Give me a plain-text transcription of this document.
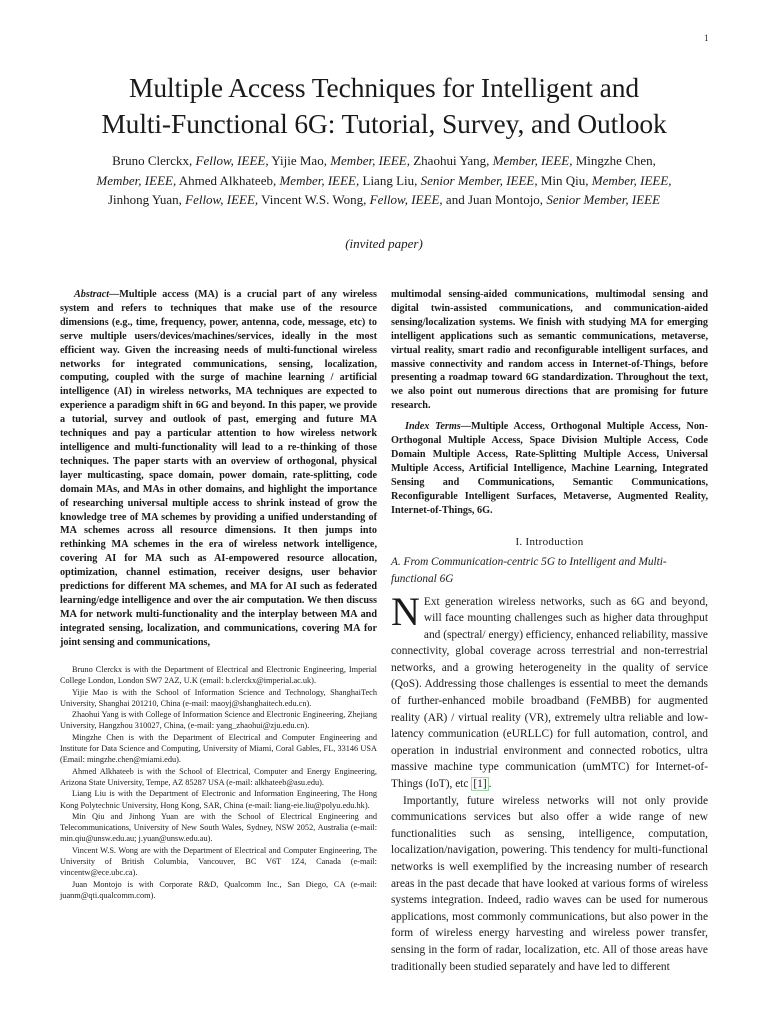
1
Multiple Access Techniques for Intelligent and
Multi-Functional 6G: Tutorial, Survey, and Outlook
Bruno Clerckx, Fellow, IEEE, Yijie Mao, Member, IEEE, Zhaohui Yang, Member, IEEE, Mingzhe Chen, Member, IEEE, Ahmed Alkhateeb, Member, IEEE, Liang Liu, Senior Member, IEEE, Min Qiu, Member, IEEE, Jinhong Yuan, Fellow, IEEE, Vincent W.S. Wong, Fellow, IEEE, and Juan Montojo, Senior Member, IEEE
(invited paper)

Abstract—Multiple access (MA) is a crucial part of any wireless system and refers to techniques that make use of the resource dimensions (e.g., time, frequency, power, antenna, code, message, etc) to serve multiple users/devices/machines/services, ideally in the most efficient way. Given the increasing needs of multi-functional wireless networks for integrated communications, sensing, localization, computing, coupled with the surge of machine learning / artificial intelligence (AI) in wireless networks, MA techniques are expected to experience a paradigm shift in 6G and beyond. In this paper, we provide a tutorial, survey and outlook of past, emerging and future MA techniques and pay a particular attention to how wireless network intelligence and multi-functionality will lead to a re-thinking of those techniques. The paper starts with an overview of orthogonal, physical layer multicasting, space domain, power domain, rate-splitting, code domain MAs, and MAs in other domains, and highlight the importance of researching universal multiple access to shrink instead of grow the knowledge tree of MA schemes by providing a unified understanding of MA schemes across all resource dimensions. It then jumps into rethinking MA schemes in the era of wireless network intelligence, covering AI for MA such as AI-empowered resource allocation, optimization, channel estimation, receiver designs, user behavior predictions for different MA schemes, and MA for AI such as federated learning/edge intelligence and over the air computation. We then discuss MA for network multi-functionality and the interplay between MA and integrated sensing, localization, and communications, covering MA for joint sensing and communications,

Bruno Clerckx is with the Department of Electrical and Electronic Engineering, Imperial College London, London SW7 2AZ, U.K (email: b.clerckx@imperial.ac.uk).

Yijie Mao is with the School of Information Science and Technology, ShanghaiTech University, Shanghai 201210, China (e-mail: maoyj@shanghaitech.edu.cn).

Zhaohui Yang is with College of Information Science and Electronic Engineering, Zhejiang University, Hangzhou 310027, China, (e-mail: yang_zhaohui@zju.edu.cn).

Mingzhe Chen is with the Department of Electrical and Computer Engineering and Institute for Data Science and Computing, University of Miami, Coral Gables, FL, 33146 USA (Email: mingzhe.chen@miami.edu).

Ahmed Alkhateeb is with the School of Electrical, Computer and Energy Engineering, Arizona State University, Tempe, AZ 85287 USA (e-mail: alkhateeb@asu.edu).

Liang Liu is with the Department of Electronic and Information Engineering, The Hong Kong Polytechnic University, Hong Kong, SAR, China (e-mail: liang-eie.liu@polyu.edu.hk).

Min Qiu and Jinhong Yuan are with the School of Electrical Engineering and Telecommunications, University of New South Wales, Sydney, NSW 2052, Australia (e-mail: min.qiu@unsw.edu.au; j.yuan@unsw.edu.au).

Vincent W.S. Wong are with the Department of Electrical and Computer Engineering, The University of British Columbia, Vancouver, BC V6T 1Z4, Canada (e-mail: vincentw@ece.ubc.ca).

Juan Montojo is with Corporate R&D, Qualcomm Inc., San Diego, CA (e-mail: juanm@qti.qualcomm.com).

multimodal sensing-aided communications, multimodal sensing and digital twin-assisted communications, and communication-aided sensing/localization systems. We finish with studying MA for emerging intelligent applications such as semantic communications, metaverse, virtual reality, smart radio and reconfigurable intelligent surfaces, and massive connectivity and random access in Internet-of-Things, before presenting a roadmap toward 6G standardization. Throughout the text, we also point out numerous directions that are promising for future research.

Index Terms—Multiple Access, Orthogonal Multiple Access, Non-Orthogonal Multiple Access, Space Division Multiple Access, Code Domain Multiple Access, Rate-Splitting Multiple Access, Universal Multiple Access, Artificial Intelligence, Machine Learning, Integrated Sensing and Communications, Semantic Communications, Reconfigurable Intelligent Surfaces, Metaverse, Augmented Reality, Internet-of-Things, 6G.

I. Introduction
A. From Communication-centric 5G to Intelligent and Multi-functional 6G

N Ext generation wireless networks, such as 6G and beyond, will face mounting challenges such as higher data throughput and (spectral/ energy) efficiency, enhanced reliability, massive connectivity, global coverage across terrestrial and non-terrestrial networks, and a growing heterogeneity in the quality of service (QoS). Addressing those challenges is essential to meet the demands of further-enhanced mobile broadband (FeMBB) for augmented reality (AR) / virtual reality (VR), extremely ultra reliable and low-latency communication (eURLLC) for full automation, control, and operation in industrial environment and connected robotics, ultra massive machine type communication (umMTC) for Internet-of-Things (IoT), etc [1] .

Importantly, future wireless networks will not only provide communications services but also offer a wide range of new functionalities such as sensing, intelligence, computation, localization/navigation, powering. This tendency for multi-functional networks is well exemplified by the increasing number of research areas in the past decade that have looked at various forms of wireless systems integration. Indeed, radio waves can be used for numerous applications, most commonly communications, but also power in the form of wireless energy harvesting and wireless power transfer, sensing in the form of radar, localization, etc. All of those areas have traditionally been studied separately and have led to different
